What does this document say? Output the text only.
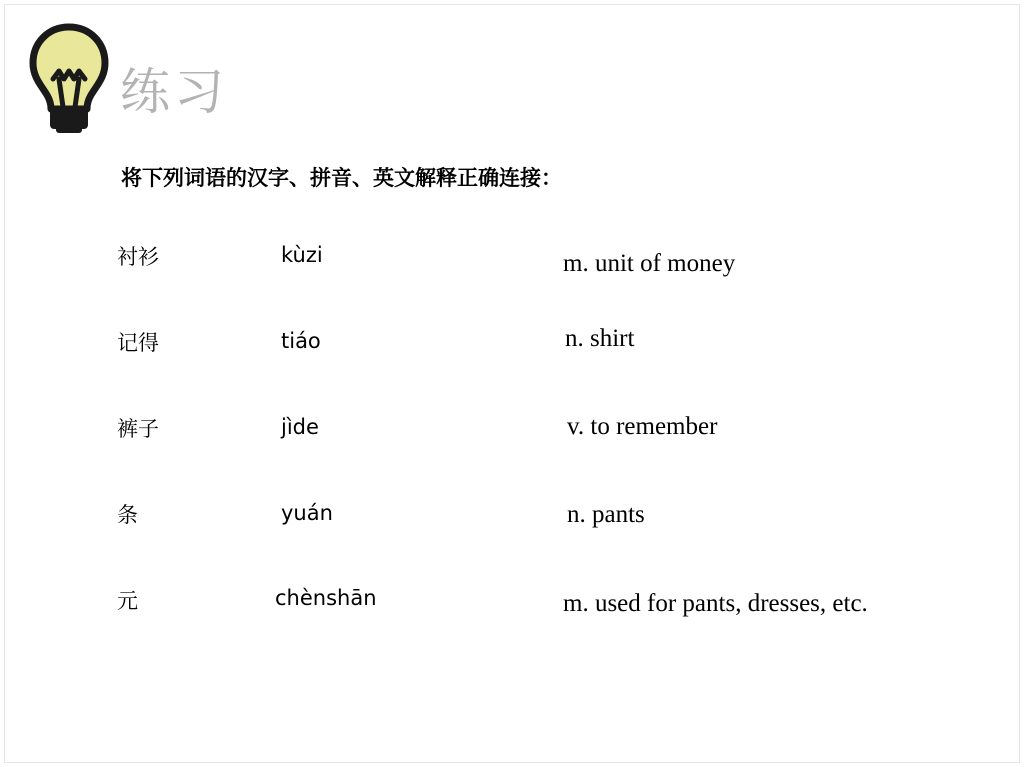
练习
将下列词语的汉字、拼音、英文解释正确连接：
衬衫
记得
裤子
条
元
kùzi
tiáo
jìde
yuán
chènshān
m. unit of money
n. shirt
v. to remember
n. pants
m. used for pants, dresses, etc.
